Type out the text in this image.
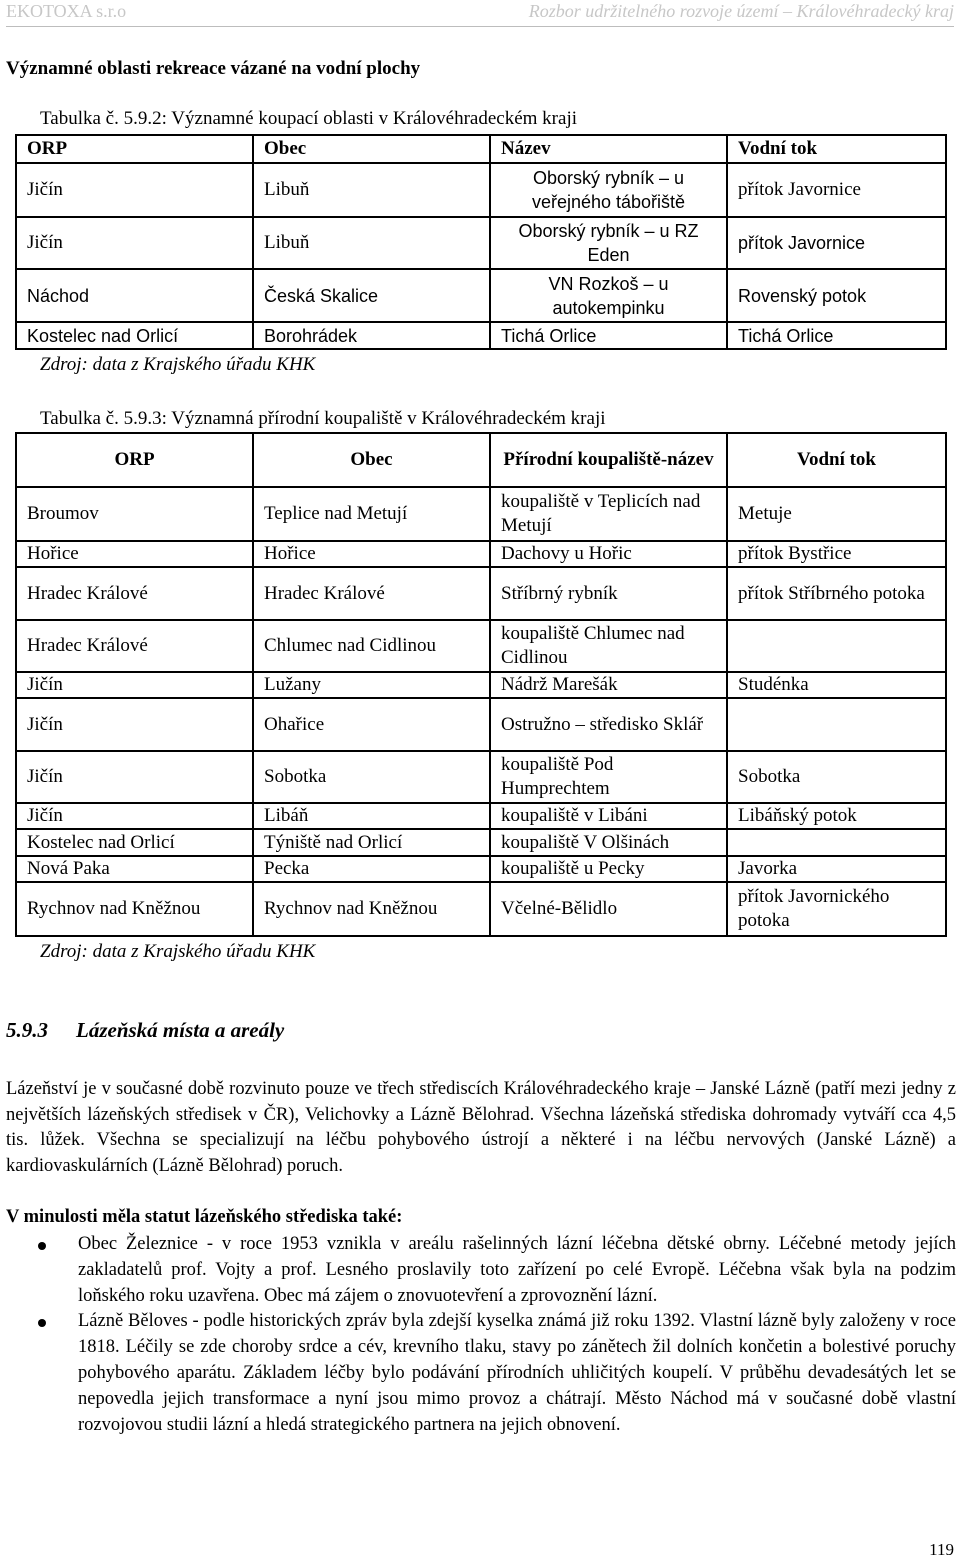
EKOTOXA s.r.o	Rozbor udržitelného rozvoje území – Královéhradecký kraj
Významné oblasti rekreace vázané na vodní plochy
Tabulka č. 5.9.2: Významné koupací oblasti v Královéhradeckém kraji
ORP	Obec	Název	Vodní tok
Jičín	Libuň	Oborský rybník – u veřejného tábořiště	přítok Javornice
Jičín	Libuň	Oborský rybník – u RZ Eden	přítok Javornice
Náchod	Česká Skalice	VN Rozkoš – u autokempinku	Rovenský potok
Kostelec nad Orlicí	Borohrádek	Tichá Orlice	Tichá Orlice
Zdroj: data z Krajského úřadu KHK
Tabulka č. 5.9.3: Významná přírodní koupaliště v Královéhradeckém kraji
ORP	Obec	Přírodní koupaliště-název	Vodní tok
Broumov	Teplice nad Metují	koupaliště v Teplicích nad Metují	Metuje
Hořice	Hořice	Dachovy u Hořic	přítok Bystřice
Hradec Králové	Hradec Králové	Stříbrný rybník	přítok Stříbrného potoka
Hradec Králové	Chlumec nad Cidlinou	koupaliště Chlumec nad Cidlinou	
Jičín	Lužany	Nádrž Marešák	Studénka
Jičín	Ohařice	Ostružno – středisko Sklář	
Jičín	Sobotka	koupaliště Pod Humprechtem	Sobotka
Jičín	Libáň	koupaliště v Libáni	Libáňský potok
Kostelec nad Orlicí	Týniště nad Orlicí	koupaliště V Olšinách	
Nová Paka	Pecka	koupaliště u Pecky	Javorka
Rychnov nad Kněžnou	Rychnov nad Kněžnou	Včelné-Bělidlo	přítok Javornického potoka
Zdroj: data z Krajského úřadu KHK
5.9.3 Lázeňská místa a areály
Lázeňství je v současné době rozvinuto pouze ve třech střediscích Královéhradeckého kraje – Janské Lázně (patří mezi jedny z největších lázeňských středisek v ČR), Velichovky a Lázně Bělohrad. Všechna lázeňská střediska dohromady vytváří cca 4,5 tis. lůžek. Všechna se specializují na léčbu pohybového ústrojí a některé i na léčbu nervových (Janské Lázně) a kardiovaskulárních (Lázně Bělohrad) poruch.
V minulosti měla statut lázeňského střediska také:
Obec Železnice - v roce 1953 vznikla v areálu rašelinných lázní léčebna dětské obrny. Léčebné metody jejích zakladatelů prof. Vojty a prof. Lesného proslavily toto zařízení po celé Evropě. Léčebna však byla na podzim loňského roku uzavřena. Obec má zájem o znovuotevření a zprovoznění lázní.
Lázně Běloves - podle historických zpráv byla zdejší kyselka známá již roku 1392. Vlastní lázně byly založeny v roce 1818. Léčily se zde choroby srdce a cév, krevního tlaku, stavy po zánětech žil dolních končetin a bolestivé poruchy pohybového aparátu. Základem léčby bylo podávání přírodních uhličitých koupelí. V průběhu devadesátých let se nepovedla jejich transformace a nyní jsou mimo provoz a chátrají. Město Náchod má v současné době vlastní rozvojovou studii lázní a hledá strategického partnera na jejich obnovení.
119
